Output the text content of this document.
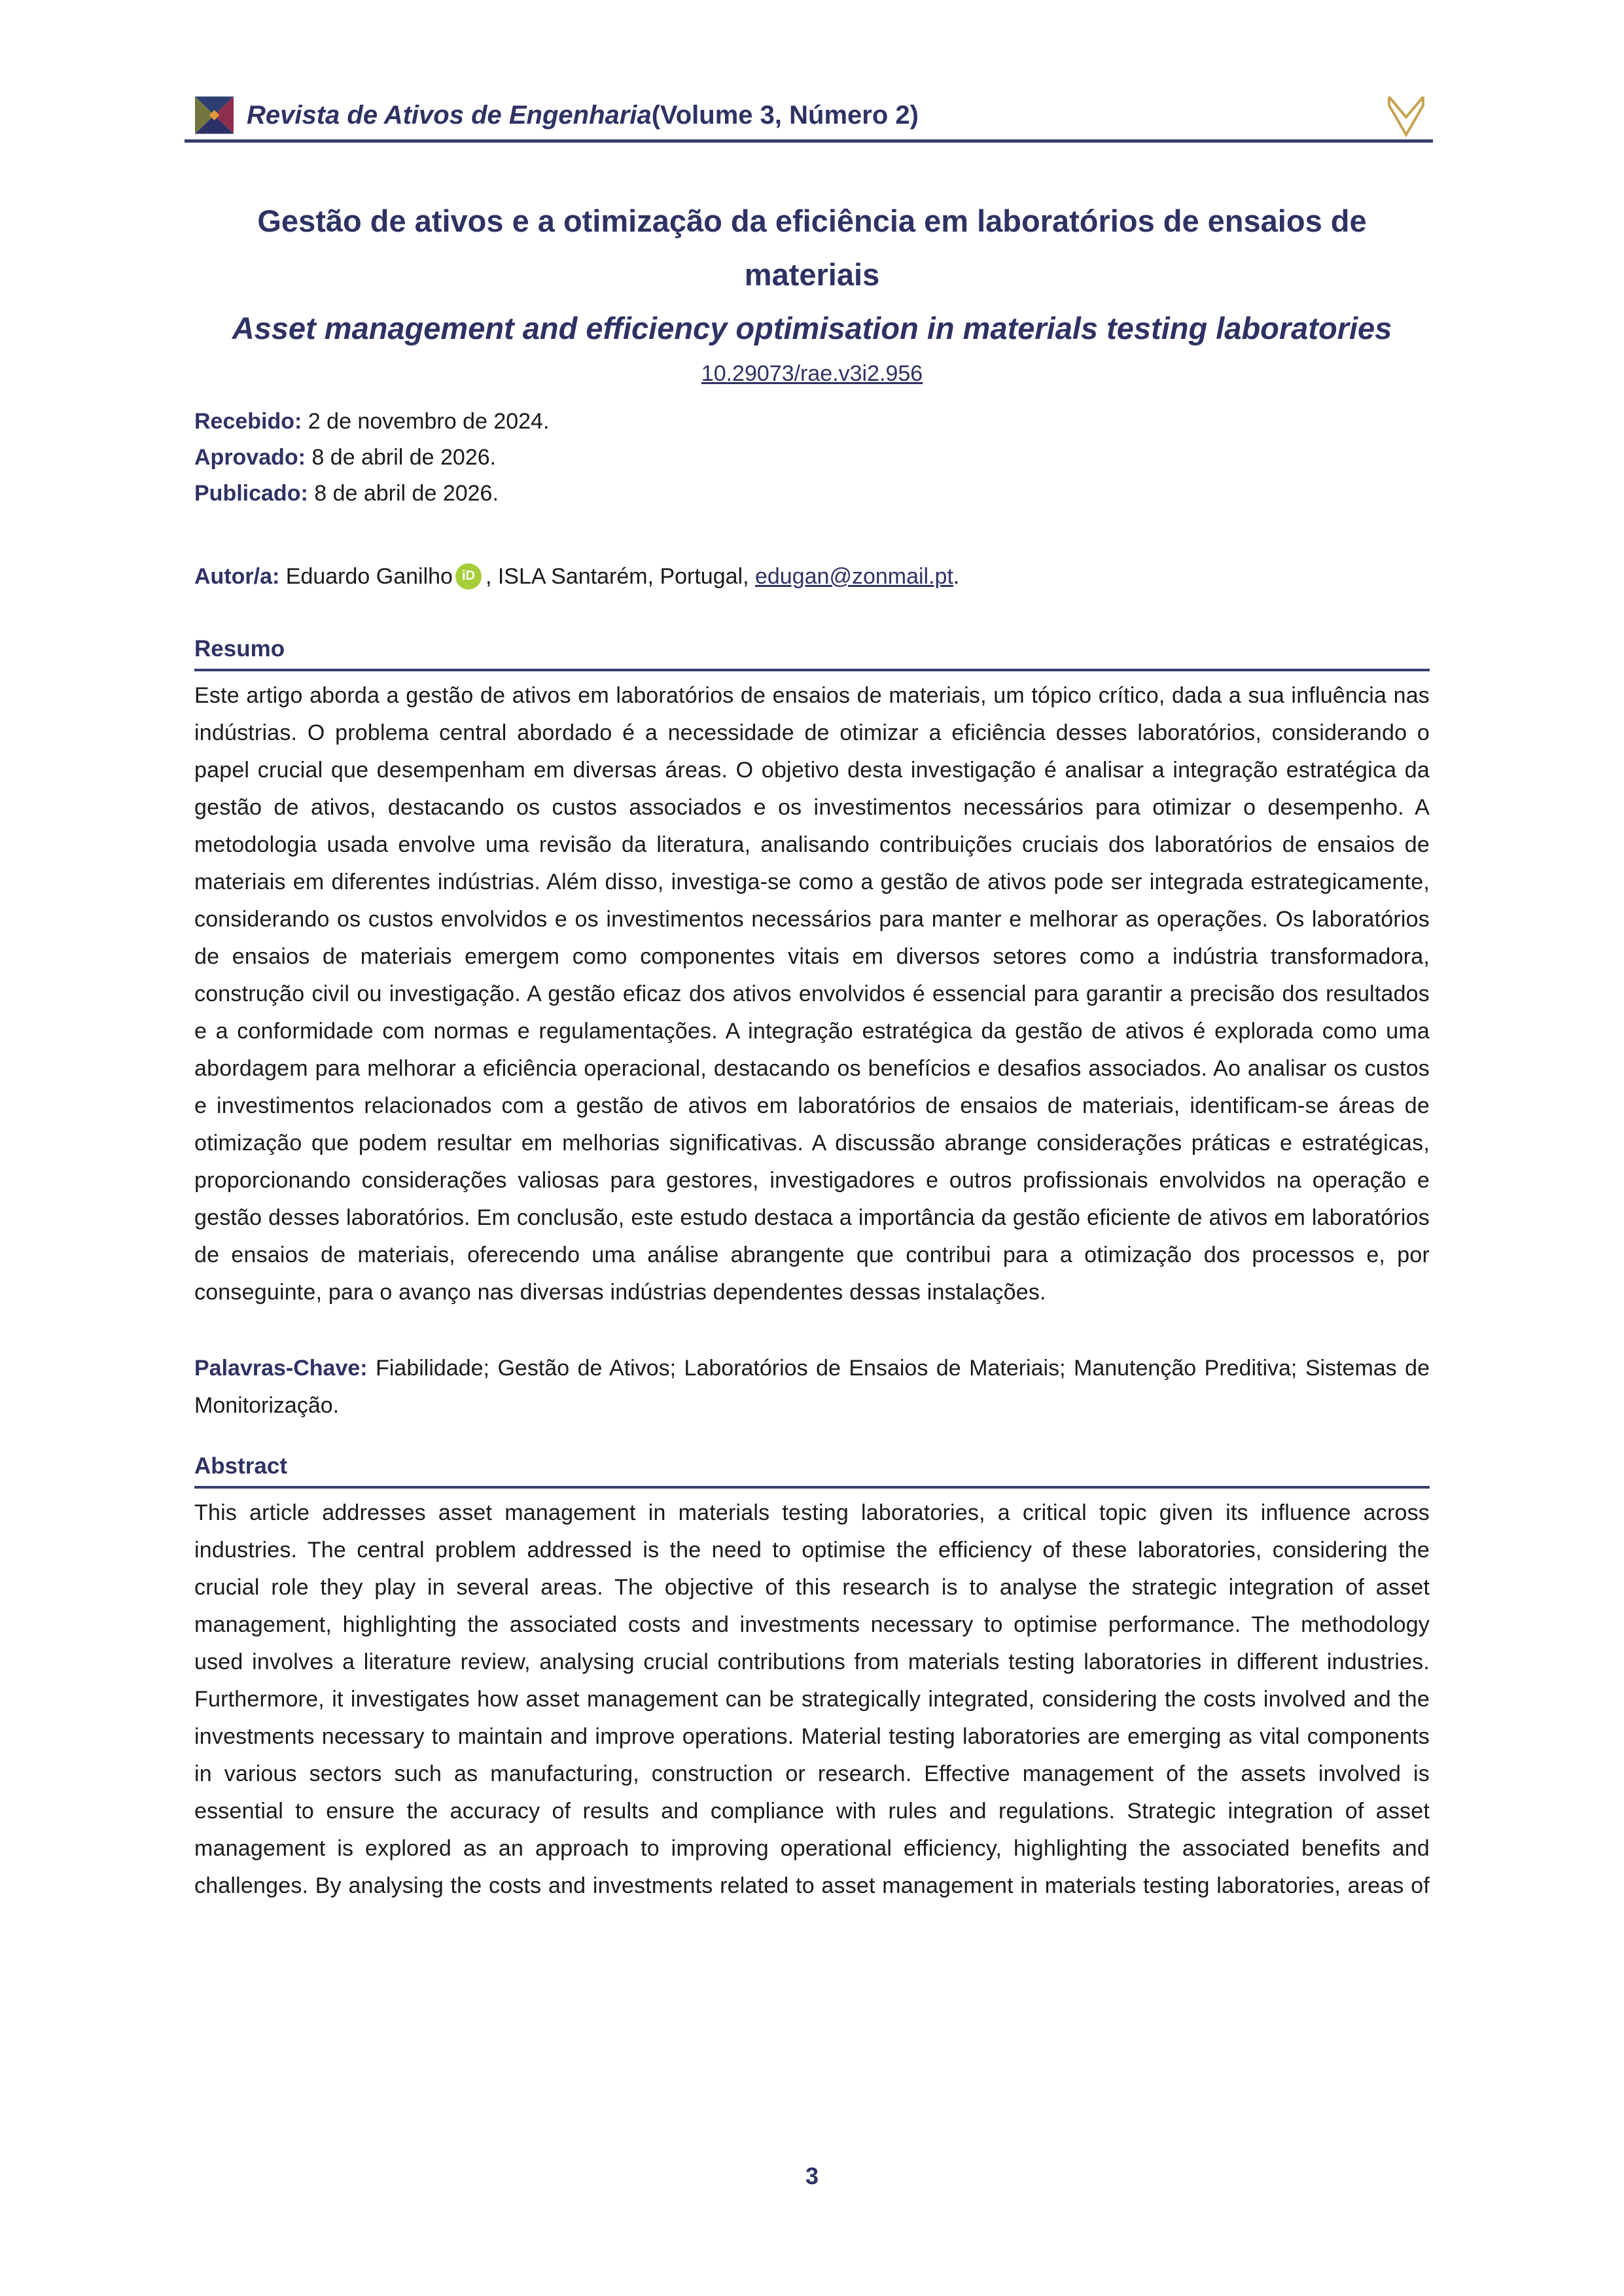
Revista de Ativos de Engenharia (Volume 3, Número 2)
Gestão de ativos e a otimização da eficiência em laboratórios de ensaios de materiais
Asset management and efficiency optimisation in materials testing laboratories

10.29073/rae.v3i2.956

Recebido: 2 de novembro de 2024.

Aprovado: 8 de abril de 2026.

Publicado: 8 de abril de 2026.

Autor/a: Eduardo Ganilho iD , ISLA Santarém, Portugal, edugan@zonmail.pt.

Resumo

Este artigo aborda a gestão de ativos em laboratórios de ensaios de materiais, um tópico crítico, dada a sua influência nas indústrias. O problema central abordado é a necessidade de otimizar a eficiência desses laboratórios, considerando o papel crucial que desempenham em diversas áreas. O objetivo desta investigação é analisar a integração estratégica da gestão de ativos, destacando os custos associados e os investimentos necessários para otimizar o desempenho. A metodologia usada envolve uma revisão da literatura, analisando contribuições cruciais dos laboratórios de ensaios de materiais em diferentes indústrias. Além disso, investiga-se como a gestão de ativos pode ser integrada estrategicamente, considerando os custos envolvidos e os investimentos necessários para manter e melhorar as operações. Os laboratórios de ensaios de materiais emergem como componentes vitais em diversos setores como a indústria transformadora, construção civil ou investigação. A gestão eficaz dos ativos envolvidos é essencial para garantir a precisão dos resultados e a conformidade com normas e regulamentações. A integração estratégica da gestão de ativos é explorada como uma abordagem para melhorar a eficiência operacional, destacando os benefícios e desafios associados. Ao analisar os custos e investimentos relacionados com a gestão de ativos em laboratórios de ensaios de materiais, identificam-se áreas de otimização que podem resultar em melhorias significativas. A discussão abrange considerações práticas e estratégicas, proporcionando considerações valiosas para gestores, investigadores e outros profissionais envolvidos na operação e gestão desses laboratórios. Em conclusão, este estudo destaca a importância da gestão eficiente de ativos em laboratórios de ensaios de materiais, oferecendo uma análise abrangente que contribui para a otimização dos processos e, por conseguinte, para o avanço nas diversas indústrias dependentes dessas instalações.

Palavras-Chave: Fiabilidade; Gestão de Ativos; Laboratórios de Ensaios de Materiais; Manutenção Preditiva; Sistemas de Monitorização.

Abstract

This article addresses asset management in materials testing laboratories, a critical topic given its influence across industries. The central problem addressed is the need to optimise the efficiency of these laboratories, considering the crucial role they play in several areas. The objective of this research is to analyse the strategic integration of asset management, highlighting the associated costs and investments necessary to optimise performance. The methodology used involves a literature review, analysing crucial contributions from materials testing laboratories in different industries. Furthermore, it investigates how asset management can be strategically integrated, considering the costs involved and the investments necessary to maintain and improve operations. Material testing laboratories are emerging as vital components in various sectors such as manufacturing, construction or research. Effective management of the assets involved is essential to ensure the accuracy of results and compliance with rules and regulations. Strategic integration of asset management is explored as an approach to improving operational efficiency, highlighting the associated benefits and challenges. By analysing the costs and investments related to asset management in materials testing laboratories, areas of

3
